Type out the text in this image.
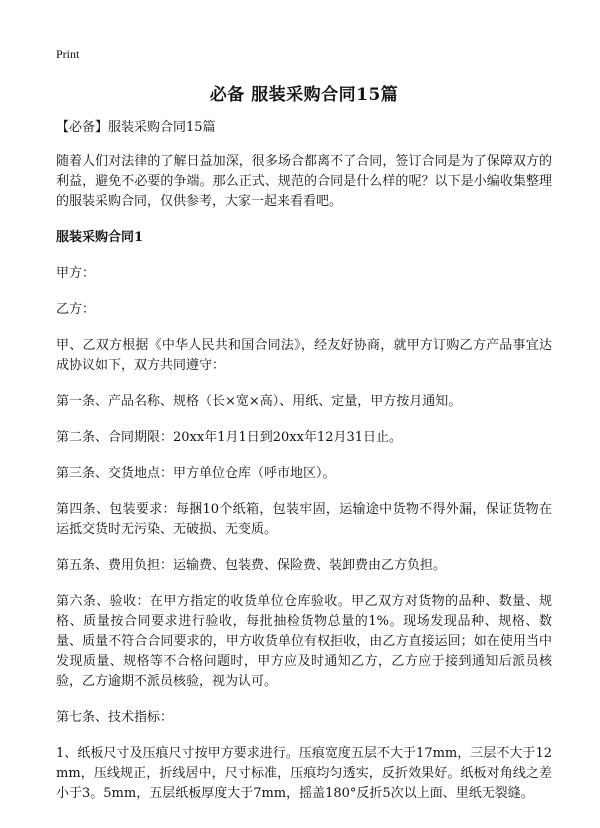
Print
必备 服装采购合同15篇

【必备】服装采购合同15篇

随着人们对法律的了解日益加深，很多场合都离不了合同，签订合同是为了保障双方的利益，避免不必要的争端。那么正式、规范的合同是什么样的呢？以下是小编收集整理的服装采购合同，仅供参考，大家一起来看看吧。

服装采购合同1

甲方：

乙方：

甲、乙双方根据《中华人民共和国合同法》，经友好协商，就甲方订购乙方产品事宜达成协议如下，双方共同遵守：

第一条、产品名称、规格（长×宽×高）、用纸、定量，甲方按月通知。

第二条、合同期限：20xx年1月1日到20xx年12月31日止。

第三条、交货地点：甲方单位仓库（呼市地区）。

第四条、包装要求：每捆10个纸箱，包装牢固，运输途中货物不得外漏，保证货物在运抵交货时无污染、无破损、无变质。

第五条、费用负担：运输费、包装费、保险费、装卸费由乙方负担。

第六条、验收：在甲方指定的收货单位仓库验收。甲乙双方对货物的品种、数量、规格、质量按合同要求进行验收，每批抽检货物总量的1%。现场发现品种、规格、数量、质量不符合合同要求的，甲方收货单位有权拒收，由乙方直接运回；如在使用当中发现质量、规格等不合格问题时，甲方应及时通知乙方，乙方应于接到通知后派员核验，乙方逾期不派员核验，视为认可。

第七条、技术指标：

1、纸板尺寸及压痕尺寸按甲方要求进行。压痕宽度五层不大于17mm，三层不大于12mm，压线规正，折线居中，尺寸标准，压痕均匀透实，反折效果好。纸板对角线之差小于3。5mm，五层纸板厚度大于7mm，摇盖180°反折5次以上面、里纸无裂缝。
